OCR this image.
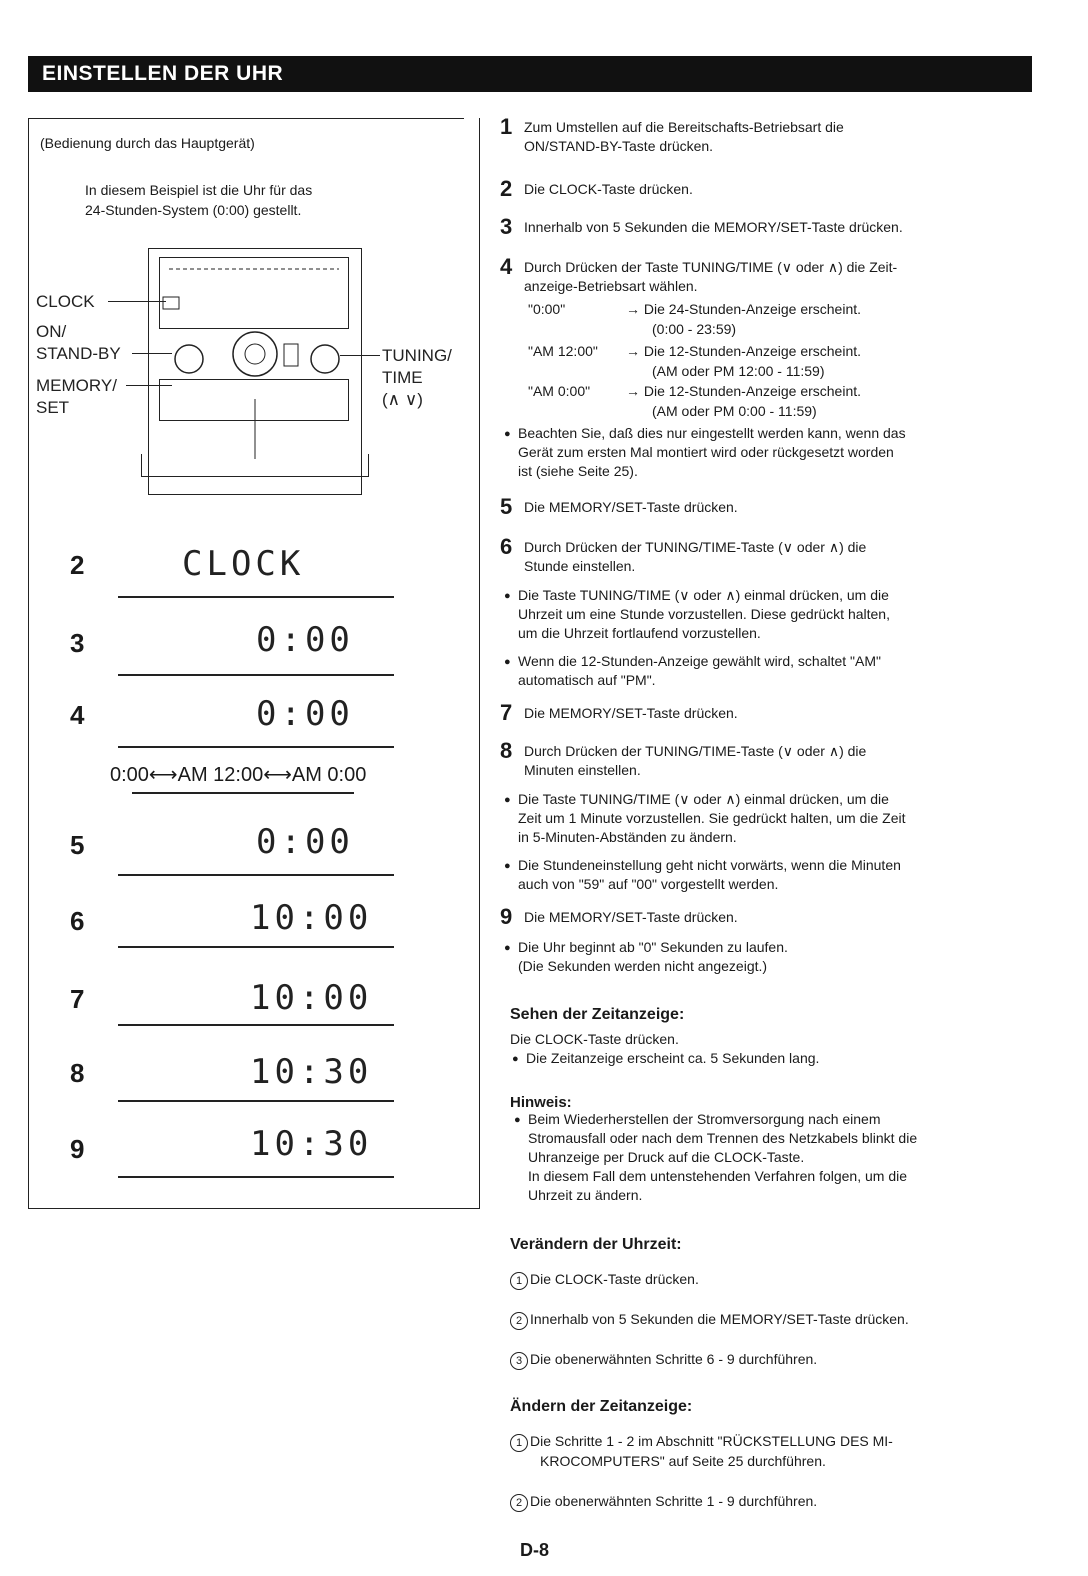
EINSTELLEN DER UHR
(Bedienung durch das Hauptgerät)
In diesem Beispiel ist die Uhr für das
24-Stunden-System (0:00) gestellt.
CLOCK
ON/
STAND-BY
MEMORY/
SET
TUNING/
TIME
(∧ ∨)
2	CLOCK
3	0:00
4	0:00
0:00⟷AM 12:00⟷AM 0:00
5	0:00
6	10:00
7	10:00
8	10:30
9	10:30
1 Zum Umstellen auf die Bereitschafts-Betriebsart die
ON/STAND-BY-Taste drücken.
2 Die CLOCK-Taste drücken.
3 Innerhalb von 5 Sekunden die MEMORY/SET-Taste drücken.
4 Durch Drücken der Taste TUNING/TIME (∨ oder ∧) die Zeit-
anzeige-Betriebsart wählen.
"0:00"	→ Die 24-Stunden-Anzeige erscheint.
(0:00 - 23:59)
"AM 12:00" → Die 12-Stunden-Anzeige erscheint.
(AM oder PM 12:00 - 11:59)
"AM 0:00"	→ Die 12-Stunden-Anzeige erscheint.
(AM oder PM 0:00 - 11:59)
● Beachten Sie, daß dies nur eingestellt werden kann, wenn das
Gerät zum ersten Mal montiert wird oder rückgesetzt worden
ist (siehe Seite 25).
5 Die MEMORY/SET-Taste drücken.
6 Durch Drücken der TUNING/TIME-Taste (∨ oder ∧) die
Stunde einstellen.
● Die Taste TUNING/TIME (∨ oder ∧) einmal drücken, um die
Uhrzeit um eine Stunde vorzustellen. Diese gedrückt halten,
um die Uhrzeit fortlaufend vorzustellen.
● Wenn die 12-Stunden-Anzeige gewählt wird, schaltet "AM"
automatisch auf "PM".
7 Die MEMORY/SET-Taste drücken.
8 Durch Drücken der TUNING/TIME-Taste (∨ oder ∧) die
Minuten einstellen.
● Die Taste TUNING/TIME (∨ oder ∧) einmal drücken, um die
Zeit um 1 Minute vorzustellen. Sie gedrückt halten, um die Zeit
in 5-Minuten-Abständen zu ändern.
● Die Stundeneinstellung geht nicht vorwärts, wenn die Minuten
auch von "59" auf "00" vorgestellt werden.
9 Die MEMORY/SET-Taste drücken.
● Die Uhr beginnt ab "0" Sekunden zu laufen.
(Die Sekunden werden nicht angezeigt.)
Sehen der Zeitanzeige:
Die CLOCK-Taste drücken.
● Die Zeitanzeige erscheint ca. 5 Sekunden lang.
Hinweis:
● Beim Wiederherstellen der Stromversorgung nach einem
Stromausfall oder nach dem Trennen des Netzkabels blinkt die
Uhranzeige per Druck auf die CLOCK-Taste.
In diesem Fall dem untenstehenden Verfahren folgen, um die
Uhrzeit zu ändern.
Verändern der Uhrzeit:
1 Die CLOCK-Taste drücken.
2 Innerhalb von 5 Sekunden die MEMORY/SET-Taste drücken.
3 Die obenerwähnten Schritte 6 - 9 durchführen.
Ändern der Zeitanzeige:
1 Die Schritte 1 - 2 im Abschnitt "RÜCKSTELLUNG DES MI-
KROCOMPUTERS" auf Seite 25 durchführen.
2 Die obenerwähnten Schritte 1 - 9 durchführen.
D-8
